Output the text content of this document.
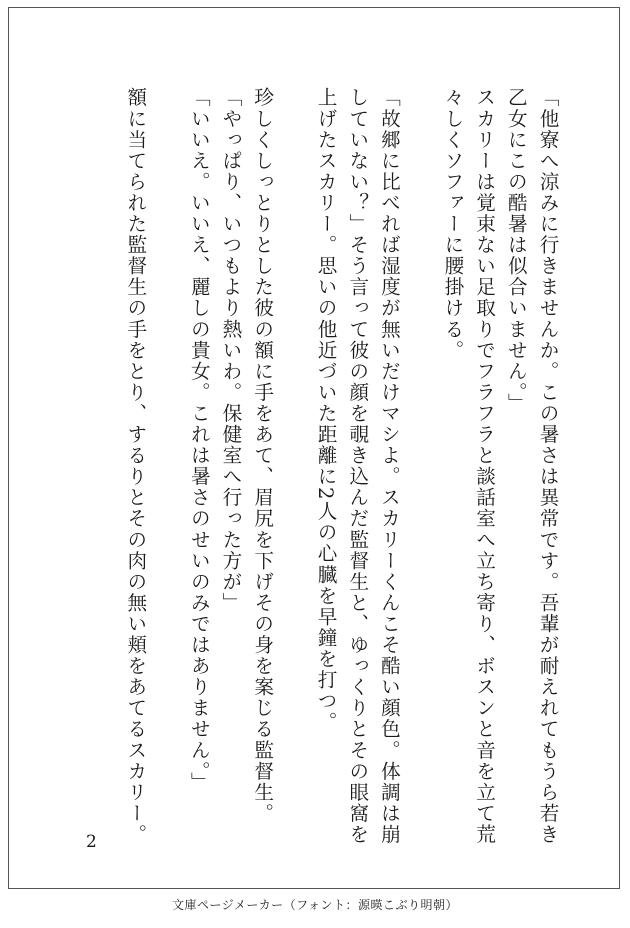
「他寮へ涼みに行きませんか。この暑さは異常です。吾輩が耐えれてもうら若き
乙女にこの酷暑は似合いません。」
スカリーは覚束ない足取りでフラフラと談話室へ立ち寄り、ボスンと音を立て荒
々しくソファーに腰掛ける。
「故郷に比べれば湿度が無いだけマシよ。スカリーくんこそ酷い顔色。体調は崩
していない？」そう言って彼の顔を覗き込んだ監督生と、ゆっくりとその眼窩を
上げたスカリー。思いの他近づいた距離に2人の心臓を早鐘を打つ。
珍しくしっとりとした彼の額に手をあて、眉尻を下げその身を案じる監督生。
「やっぱり、いつもより熱いわ。保健室へ行った方が」
「いいえ。いいえ、麗しの貴女。これは暑さのせいのみではありません。」
額に当てられた監督生の手をとり、するりとその肉の無い頬をあてるスカリー。
2
文庫ページメーカー（フォント：源暎こぶり明朝）
